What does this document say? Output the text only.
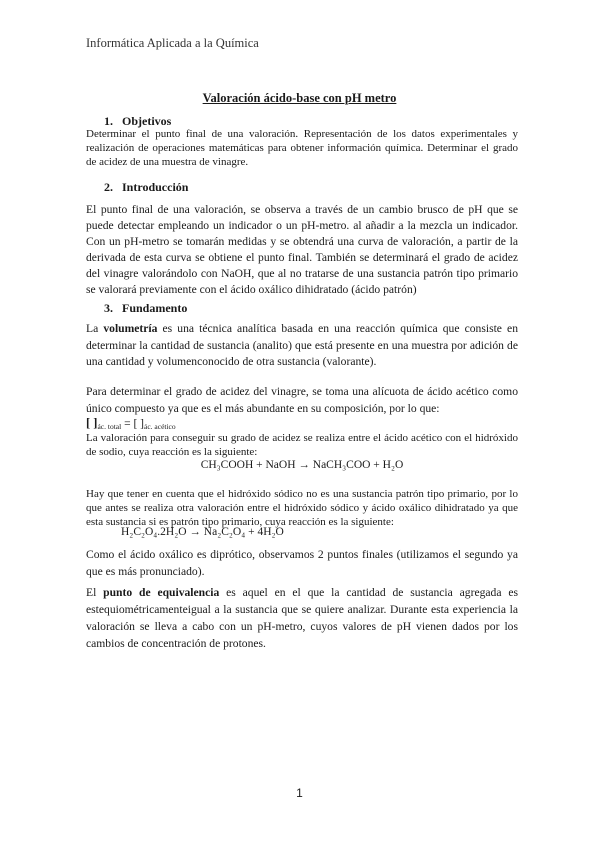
Informática Aplicada a la Química
Valoración ácido-base con pH metro
1. Objetivos

Determinar el punto final de una valoración. Representación de los datos experimentales y realización de operaciones matemáticas para obtener información química. Determinar el grado de acidez de una muestra de vinagre.

2. Introducción

El punto final de una valoración, se observa a través de un cambio brusco de pH que se puede detectar empleando un indicador o un pH-metro. al añadir a la mezcla un indicador. Con un pH-metro se tomarán medidas y se obtendrá una curva de valoración, a partir de la derivada de esta curva se obtiene el punto final. También se determinará el grado de acidez del vinagre valorándolo con NaOH, que al no tratarse de una sustancia patrón tipo primario se valorará previamente con el ácido oxálico dihidratado (ácido patrón)

3. Fundamento

La volumetría es una técnica analítica basada en una reacción química que consiste en determinar la cantidad de sustancia (analito) que está presente en una muestra por adición de una cantidad y volumenconocido de otra sustancia (valorante).

Para determinar el grado de acidez del vinagre, se toma una alícuota de ácido acético como único compuesto ya que es el más abundante en su composición, por lo que:

[ ]$_{ác. total}$ = [ ]$_{ác. acético}$

La valoración para conseguir su grado de acidez se realiza entre el ácido acético con el hidróxido de sodio, cuya reacción es la siguiente:

CH₃COOH + NaOH → NaCH₃COO + H₂O

Hay que tener en cuenta que el hidróxido sódico no es una sustancia patrón tipo primario, por lo que antes se realiza otra valoración entre el hidróxido sódico y ácido oxálico dihidratado ya que esta sustancia si es patrón tipo primario, cuya reacción es la siguiente:

H₂C₂O₄.2H₂O → Na₂C₂O₄ + 4H₂O

Como el ácido oxálico es diprótico, observamos 2 puntos finales (utilizamos el segundo ya que es más pronunciado).

El punto de equivalencia es aquel en el que la cantidad de sustancia agregada es estequiométricamenteigual a la sustancia que se quiere analizar. Durante esta experiencia la valoración se lleva a cabo con un pH-metro, cuyos valores de pH vienen dados por los cambios de concentración de protones.

1
